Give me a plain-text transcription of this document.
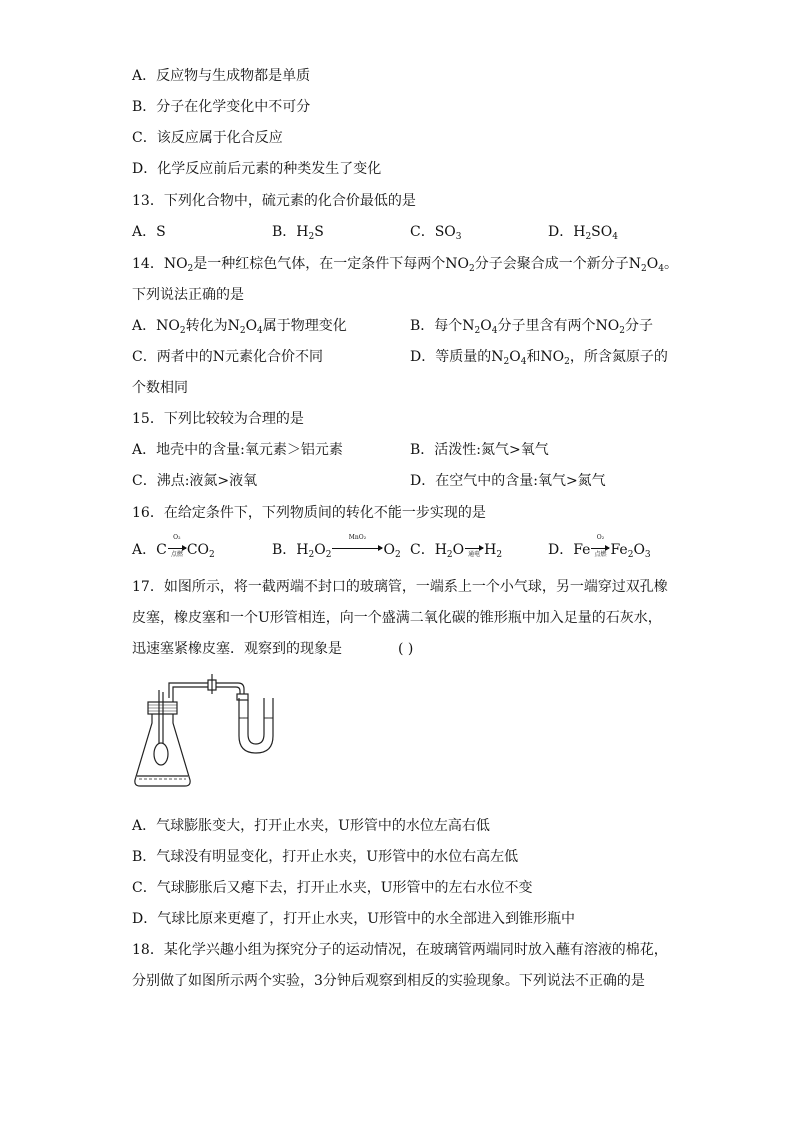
A．反应物与生成物都是单质
B．分子在化学变化中不可分
C．该反应属于化合反应
D．化学反应前后元素的种类发生了变化
13．下列化合物中，硫元素的化合价最低的是
A．S	B．$H_2S$	C．$SO_3$	D．$H_2SO_4$
14．$NO_2$是一种红棕色气体，在一定条件下每两个$NO_2$分子会聚合成一个新分子$N_2O_4$。
下列说法正确的是
A．$NO_2$转化为$N_2O_4$属于物理变化	B．每个$N_2O_4$分子里含有两个$NO_2$分子
C．两者中的N元素化合价不同	D．等质量的$N_2O_4$和$NO_2$，所含氮原子的
个数相同
15．下列比较较为合理的是
A．地壳中的含量:氧元素＞铝元素	B．活泼性:氮气>氧气
C．沸点:液氮>液氧	D．在空气中的含量:氧气>氮气
16．在给定条件下，下列物质间的转化不能一步实现的是
A．C
O₂
点燃 $CO_2$	B．$H_2O_2$
MnO₂
$O_2$ C．$H_2O$ 通电 $H_2$	D．Fe
O₂
点燃 $Fe_2O_3$
17．如图所示，将一截两端不封口的玻璃管，一端系上一个小气球，另一端穿过双孔橡
皮塞，橡皮塞和一个U形管相连，向一个盛满二氧化碳的锥形瓶中加入足量的石灰水，
迅速塞紧橡皮塞．观察到的现象是	( )
A．气球膨胀变大，打开止水夹，U形管中的水位左高右低
B．气球没有明显变化，打开止水夹，U形管中的水位右高左低
C．气球膨胀后又瘪下去，打开止水夹，U形管中的左右水位不变
D．气球比原来更瘪了，打开止水夹，U形管中的水全部进入到锥形瓶中
18．某化学兴趣小组为探究分子的运动情况，在玻璃管两端同时放入蘸有溶液的棉花，
分别做了如图所示两个实验，3分钟后观察到相反的实验现象。下列说法不正确的是
